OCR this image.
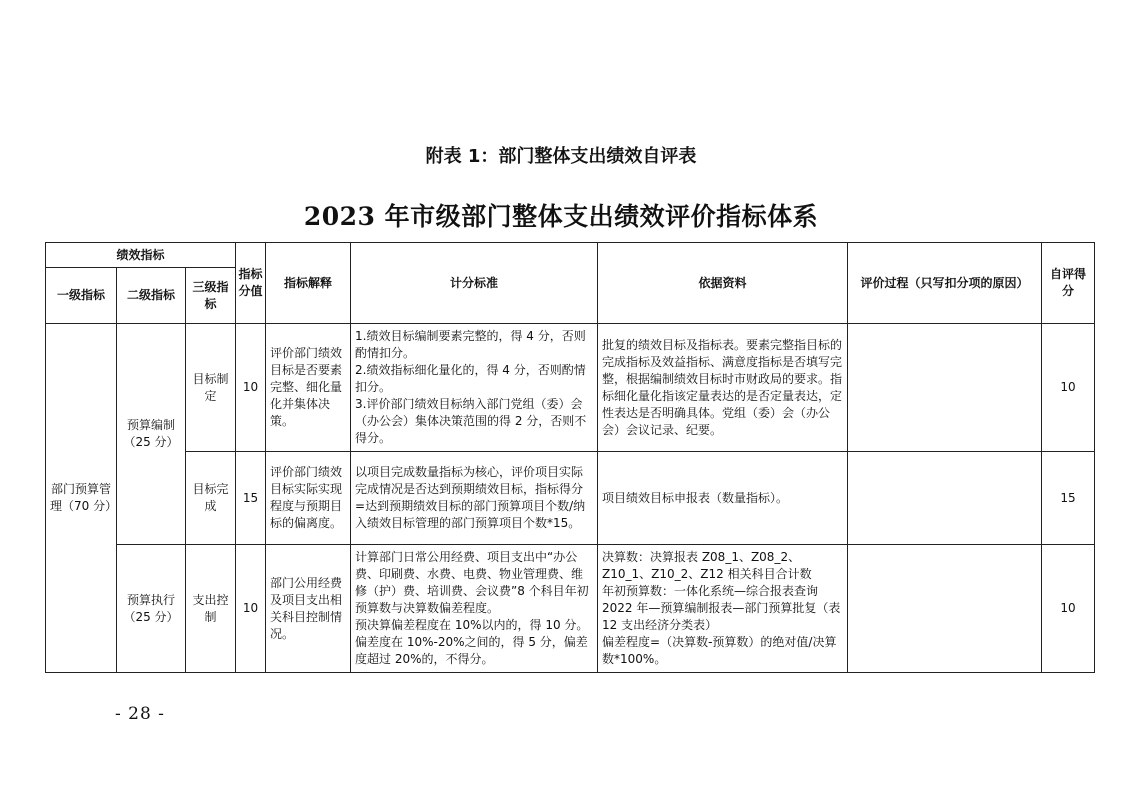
附表 1：部门整体支出绩效自评表
2023 年市级部门整体支出绩效评价指标体系
绩效指标			指标分值	指标解释	计分标准	依据资料	评价过程（只写扣分项的原因）	自评得分
一级指标	二级指标	三级指标						
部门预算管理（70 分）	预算编制（25 分）	目标制定	10	评价部门绩效目标是否要素完整、细化量化并集体决策。	1.绩效目标编制要素完整的，得 4 分，否则酌情扣分。
2.绩效指标细化量化的，得 4 分，否则酌情扣分。
3.评价部门绩效目标纳入部门党组（委）会（办公会）集体决策范围的得 2 分，否则不得分。	批复的绩效目标及指标表。要素完整指目标的完成指标及效益指标、满意度指标是否填写完整，根据编制绩效目标时市财政局的要求。指标细化量化指该定量表达的是否定量表达，定性表达是否明确具体。党组（委）会（办公会）会议记录、纪要。		10
		目标完成	15	评价部门绩效目标实际实现程度与预期目标的偏离度。	以项目完成数量指标为核心，评价项目实际完成情况是否达到预期绩效目标，指标得分=达到预期绩效目标的部门预算项目个数/纳入绩效目标管理的部门预算项目个数*15。	项目绩效目标申报表（数量指标）。		15
	预算执行（25 分）	支出控制	10	部门公用经费及项目支出相关科目控制情况。	计算部门日常公用经费、项目支出中“办公费、印刷费、水费、电费、物业管理费、维修（护）费、培训费、会议费”8 个科目年初预算数与决算数偏差程度。
预决算偏差程度在 10%以内的，得 10 分。偏差度在 10%-20%之间的，得 5 分，偏差度超过 20%的，不得分。	决算数：决算报表 Z08_1、Z08_2、Z10_1、Z10_2、Z12 相关科目合计数
年初预算数：一体化系统—综合报表查询 2022 年—预算编制报表—部门预算批复（表 12 支出经济分类表）
偏差程度=（决算数-预算数）的绝对值/决算数*100%。		10
- 28 -
